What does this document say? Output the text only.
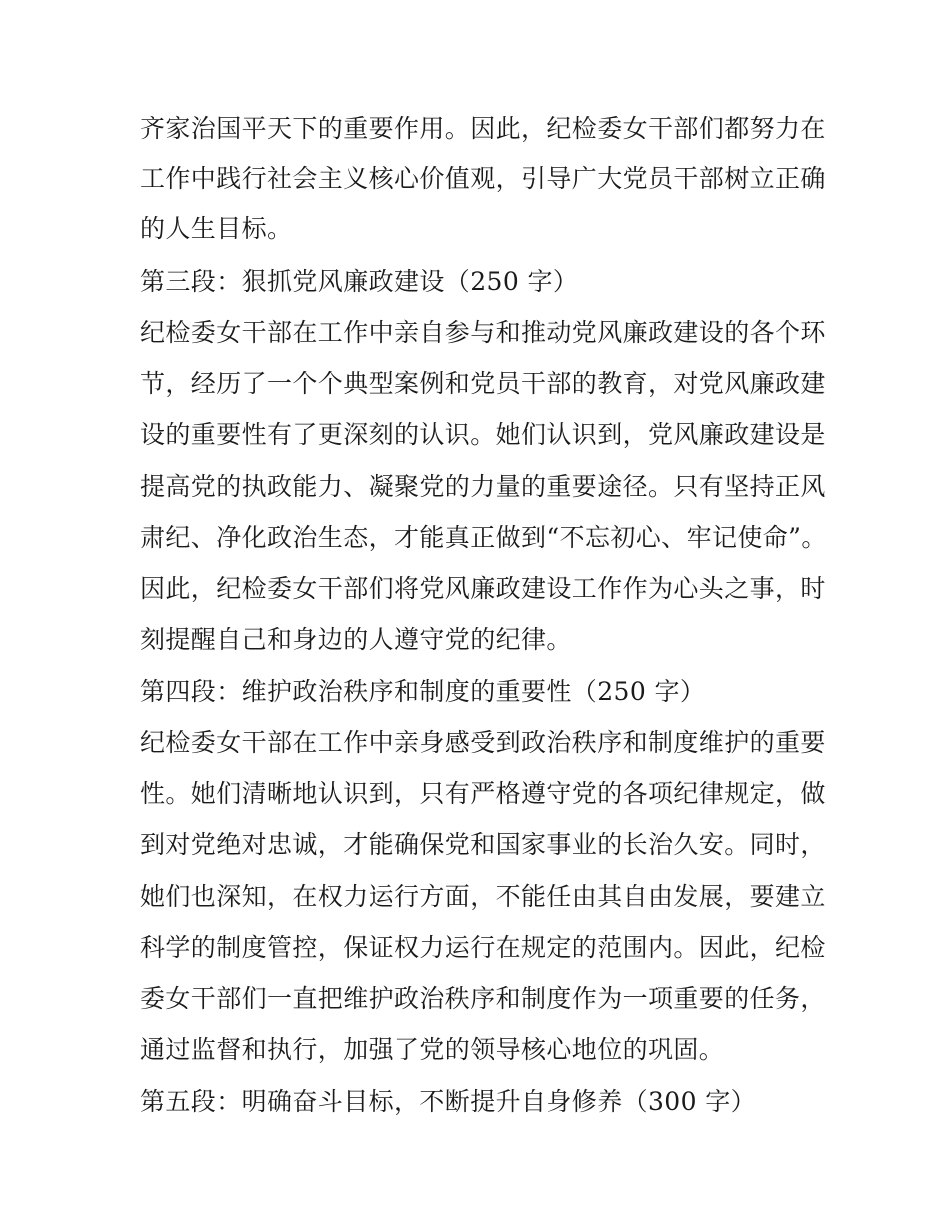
齐家治国平天下的重要作用。因此，纪检委女干部们都努力在
工作中践行社会主义核心价值观，引导广大党员干部树立正确
的人生目标。
第三段：狠抓党风廉政建设（250 字）
纪检委女干部在工作中亲自参与和推动党风廉政建设的各个环
节，经历了一个个典型案例和党员干部的教育，对党风廉政建
设的重要性有了更深刻的认识。她们认识到，党风廉政建设是
提高党的执政能力、凝聚党的力量的重要途径。只有坚持正风
肃纪、净化政治生态，才能真正做到“不忘初心、牢记使命”。
因此，纪检委女干部们将党风廉政建设工作作为心头之事，时
刻提醒自己和身边的人遵守党的纪律。
第四段：维护政治秩序和制度的重要性（250 字）
纪检委女干部在工作中亲身感受到政治秩序和制度维护的重要
性。她们清晰地认识到，只有严格遵守党的各项纪律规定，做
到对党绝对忠诚，才能确保党和国家事业的长治久安。同时，
她们也深知，在权力运行方面，不能任由其自由发展，要建立
科学的制度管控，保证权力运行在规定的范围内。因此，纪检
委女干部们一直把维护政治秩序和制度作为一项重要的任务，
通过监督和执行，加强了党的领导核心地位的巩固。
第五段：明确奋斗目标，不断提升自身修养（300 字）
